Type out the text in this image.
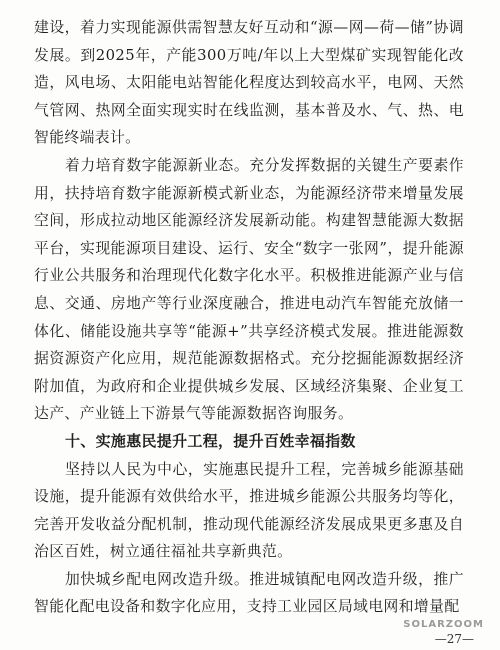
建设，着力实现能源供需智慧友好互动和“源—网—荷—储”协调发展。到2025年，产能300万吨/年以上大型煤矿实现智能化改造，风电场、太阳能电站智能化程度达到较高水平，电网、天然气管网、热网全面实现实时在线监测，基本普及水、气、热、电智能终端表计。

着力培育数字能源新业态。充分发挥数据的关键生产要素作用，扶持培育数字能源新模式新业态，为能源经济带来增量发展空间，形成拉动地区能源经济发展新动能。构建智慧能源大数据平台，实现能源项目建设、运行、安全“数字一张网”，提升能源行业公共服务和治理现代化数字化水平。积极推进能源产业与信息、交通、房地产等行业深度融合，推进电动汽车智能充放储一体化、储能设施共享等“能源+”共享经济模式发展。推进能源数据资源资产化应用，规范能源数据格式。充分挖掘能源数据经济附加值，为政府和企业提供城乡发展、区域经济集聚、企业复工达产、产业链上下游景气等能源数据咨询服务。

十、实施惠民提升工程，提升百姓幸福指数

坚持以人民为中心，实施惠民提升工程，完善城乡能源基础设施，提升能源有效供给水平，推进城乡能源公共服务均等化，完善开发收益分配机制，推动现代能源经济发展成果更多惠及自治区百姓，树立通往福祉共享新典范。

加快城乡配电网改造升级。推进城镇配电网改造升级，推广智能化配电设备和数字化应用，支持工业园区局域电网和增量配

SOLARZOOM
—27—
